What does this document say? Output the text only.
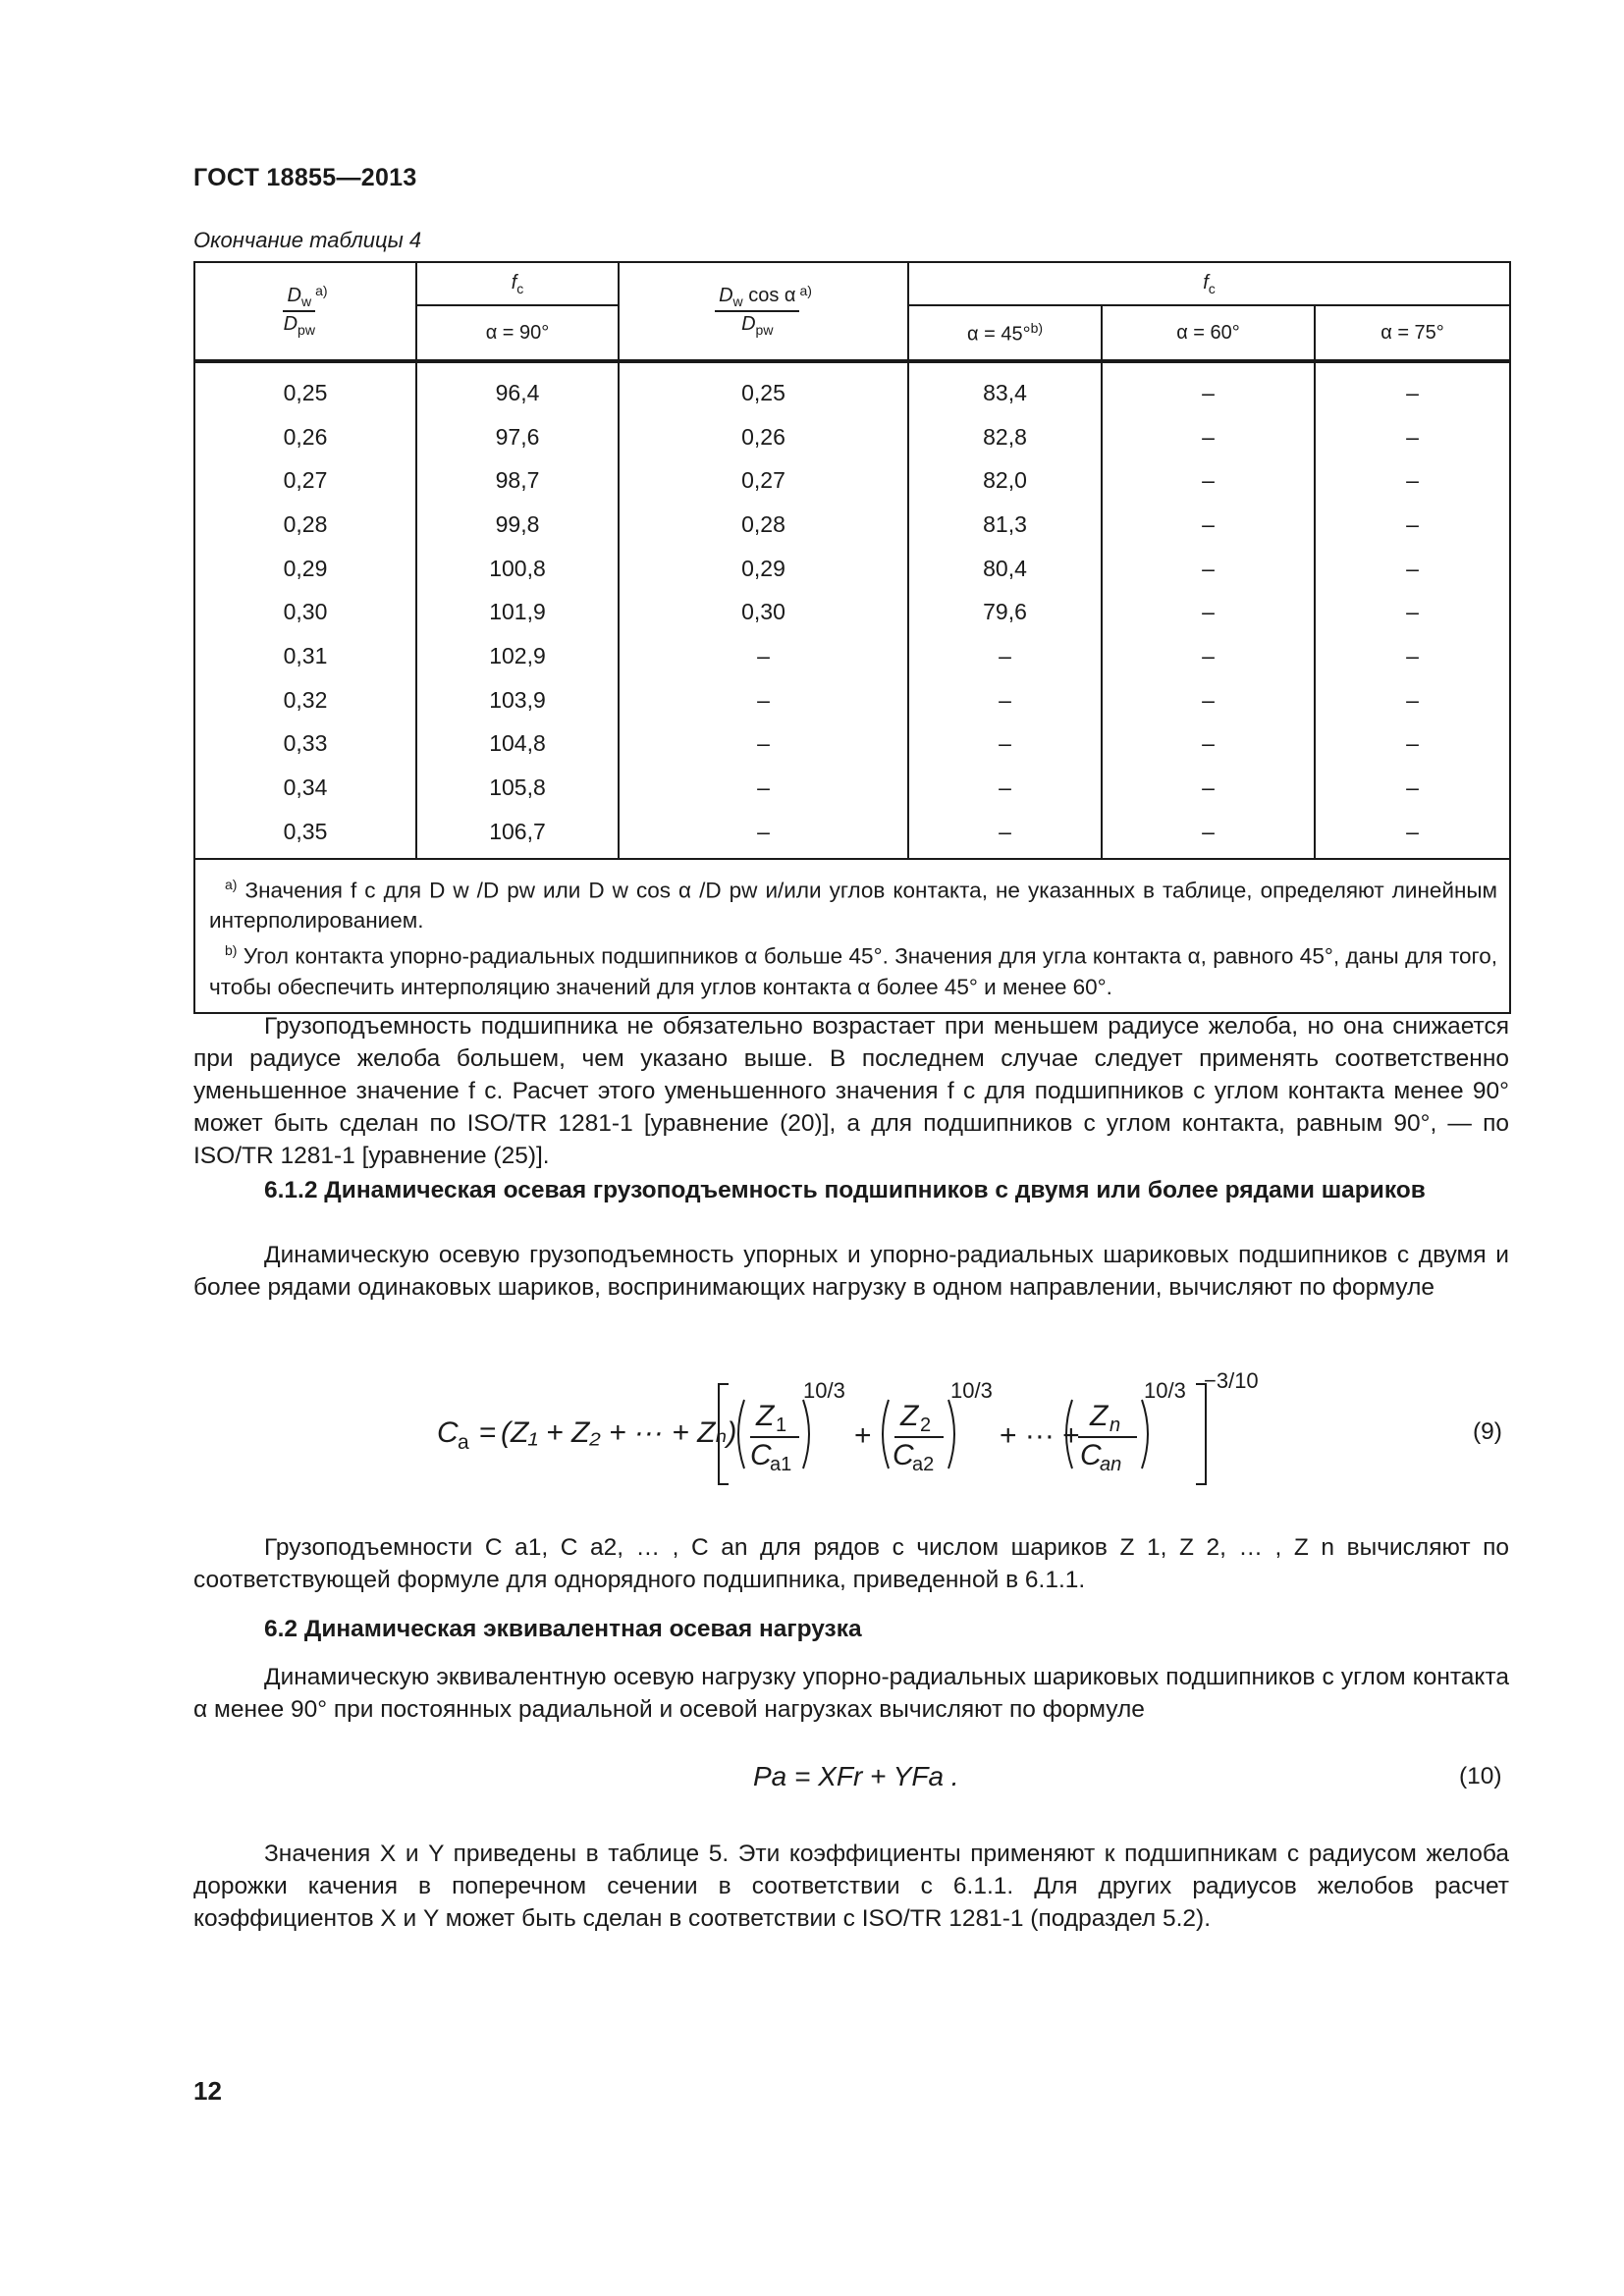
ГОСТ 18855—2013
Окончание таблицы 4
$\frac{D_w}{D_{pw}} ^{a)}$	$f_c$	$\frac{D_w \cos \alpha}{D_{pw}} ^{a)}$	$f_c$
	α = 90°		α = 45°$^{b)}$	α = 60°	α = 75°
0,25	96,4	0,25	83,4	–	–
0,26	97,6	0,26	82,8	–	–
0,27	98,7	0,27	82,0	–	–
0,28	99,8	0,28	81,3	–	–
0,29	100,8	0,29	80,4	–	–
0,30	101,9	0,30	79,6	–	–
0,31	102,9	–	–	–	–
0,32	103,9	–	–	–	–
0,33	104,8	–	–	–	–
0,34	105,8	–	–	–	–
0,35	106,7	–	–	–	–

$^{a)}$ Значения f c для D w /D pw или D w cos α /D pw и/или углов контакта, не указанных в таблице, определяют линейным интерполированием.

$^{b)}$ Угол контакта упорно-радиальных подшипников α больше 45°. Значения для угла контакта α, равного 45°, даны для того, чтобы обеспечить интерполяцию значений для углов контакта α более 45° и менее 60°.					

Грузоподъемность подшипника не обязательно возрастает при меньшем радиусе желоба, но она снижается при радиусе желоба большем, чем указано выше. В последнем случае следует применять соответственно уменьшенное значение f c. Расчет этого уменьшенного значения f c для подшипников с углом контакта менее 90° может быть сделан по ISO/TR 1281-1 [уравнение (20)], а для подшипников с углом контакта, равным 90°, — по ISO/TR 1281-1 [уравнение (25)].

6.1.2 Динамическая осевая грузоподъемность подшипников с двумя или более рядами шариков

Динамическую осевую грузоподъемность упорных и упорно-радиальных шариковых подшипников с двумя и более рядами одинаковых шариков, воспринимающих нагрузку в одном направлении, вычисляют по формуле

C a = (Z₁ + Z₂ + ··· + Zₙ)
Z 1
C
a1
10/3
+
Z 2
C
a2
10/3
+ ··· +
Z n
C
an
10/3 −3/10
(9)

Грузоподъемности C a1, C a2, … , C an для рядов с числом шариков Z 1, Z 2, … , Z n вычисляют по соответствующей формуле для однорядного подшипника, приведенной в 6.1.1.

6.2 Динамическая эквивалентная осевая нагрузка

Динамическую эквивалентную осевую нагрузку упорно-радиальных шариковых подшипников с углом контакта α менее 90° при постоянных радиальной и осевой нагрузках вычисляют по формуле

Pa = XFr + YFa .	(10)

Значения X и Y приведены в таблице 5. Эти коэффициенты применяют к подшипникам с радиусом желоба дорожки качения в поперечном сечении в соответствии с 6.1.1. Для других радиусов желобов расчет коэффициентов X и Y может быть сделан в соответствии с ISO/TR 1281-1 (подраздел 5.2).

12
